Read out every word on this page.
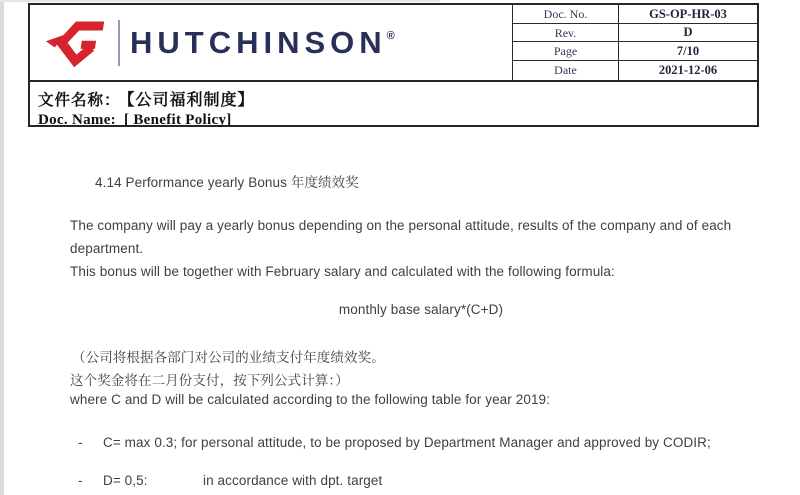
HUTCHINSON®
Doc. No.	GS-OP-HR-03
Rev.	D
Page	7/10
Date	2021-12-06
文件名称： 【公司福利制度】
Doc. Name: [ Benefit Policy]
4.14 Performance yearly Bonus 年度绩效奖
The company will pay a yearly bonus depending on the personal attitude, results of the company and of each department.
This bonus will be together with February salary and calculated with the following formula:
monthly base salary*(C+D)
（公司将根据各部门对公司的业绩支付年度绩效奖。
这个奖金将在二月份支付，按下列公式计算：）
where C and D will be calculated according to the following table for year 2019:
-	C= max 0.3; for personal attitude, to be proposed by Department Manager and approved by CODIR;
-	D= 0,5:	in accordance with dpt. target
